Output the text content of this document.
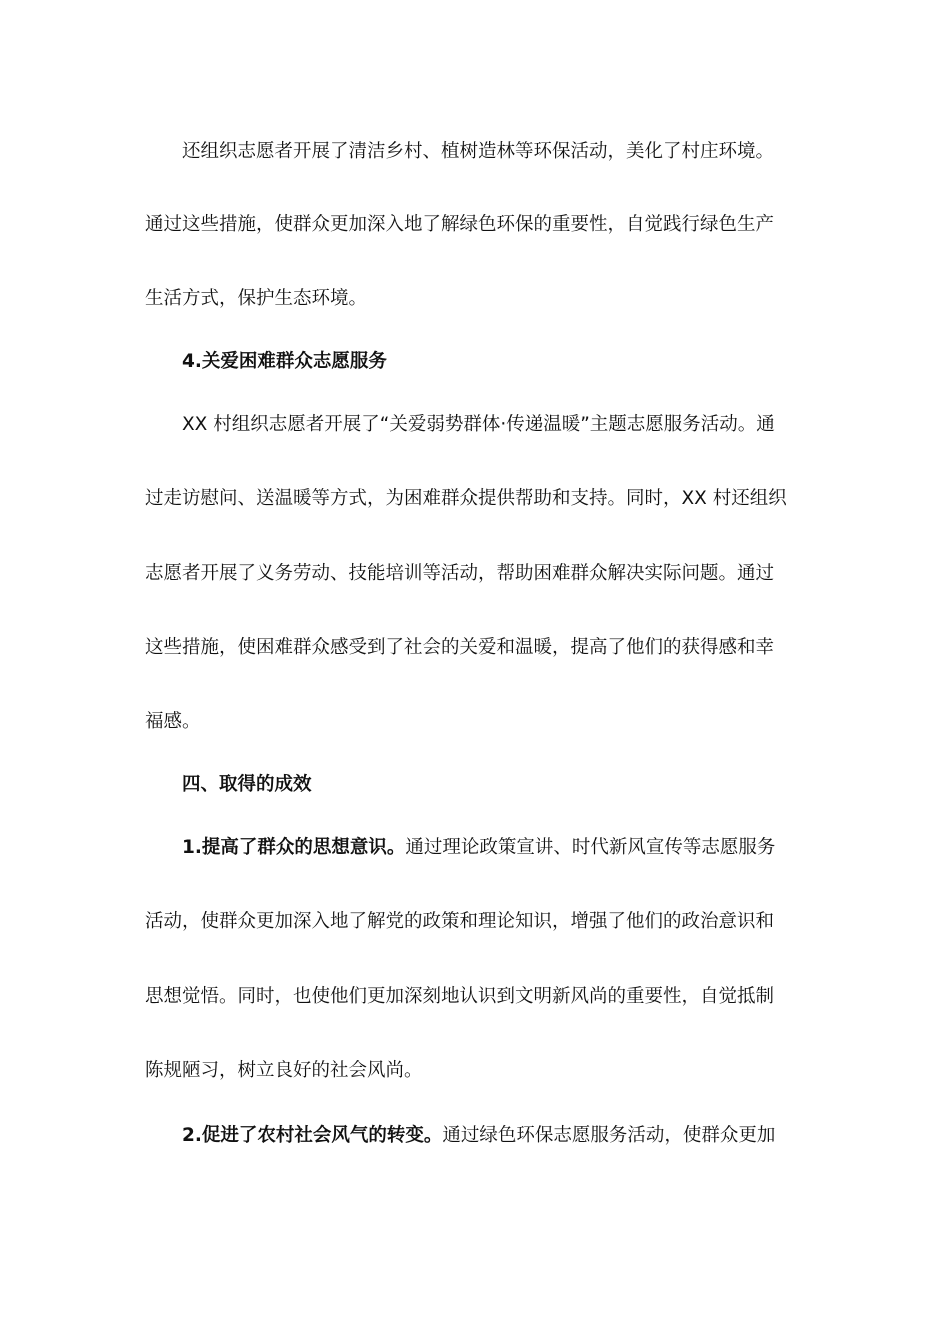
还组织志愿者开展了清洁乡村、植树造林等环保活动，美化了村庄环境。
通过这些措施，使群众更加深入地了解绿色环保的重要性，自觉践行绿色生产
生活方式，保护生态环境。
4.关爱困难群众志愿服务
XX 村组织志愿者开展了“关爱弱势群体·传递温暖”主题志愿服务活动。通
过走访慰问、送温暖等方式，为困难群众提供帮助和支持。同时，XX 村还组织
志愿者开展了义务劳动、技能培训等活动，帮助困难群众解决实际问题。通过
这些措施，使困难群众感受到了社会的关爱和温暖，提高了他们的获得感和幸
福感。
四、取得的成效
1.提高了群众的思想意识。通过理论政策宣讲、时代新风宣传等志愿服务
活动，使群众更加深入地了解党的政策和理论知识，增强了他们的政治意识和
思想觉悟。同时，也使他们更加深刻地认识到文明新风尚的重要性，自觉抵制
陈规陋习，树立良好的社会风尚。
2.促进了农村社会风气的转变。通过绿色环保志愿服务活动，使群众更加
